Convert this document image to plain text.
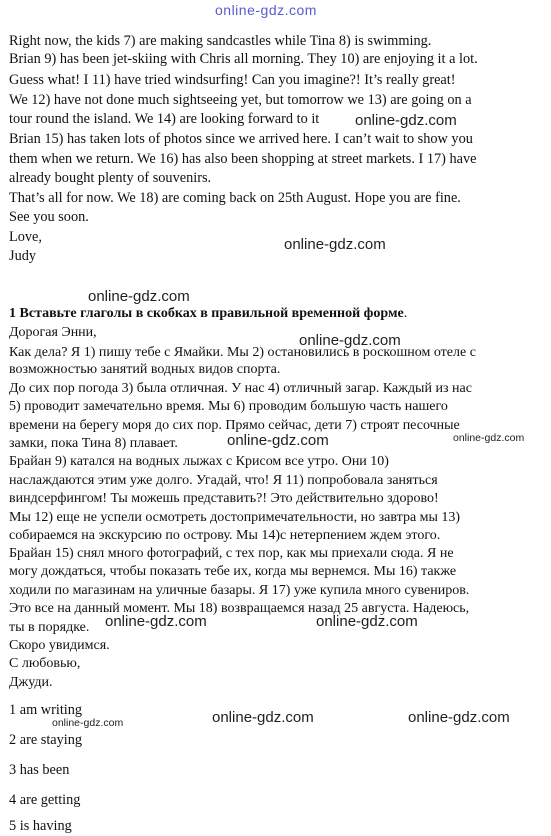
online-gdz.com
Right now, the kids 7) are making sandcastles while Tina 8) is swimming.
Brian 9) has been jet-skiing with Chris all morning. They 10) are enjoying it a lot.
Guess what! I 11) have tried windsurfing! Can you imagine?! It’s really great!
We 12) have not done much sightseeing yet, but tomorrow we 13) are going on a
tour round the island. We 14) are looking forward to it
Brian 15) has taken lots of photos since we arrived here. I can’t wait to show you
them when we return. We 16) has also been shopping at street markets. I 17) have
already bought plenty of souvenirs.
That’s all for now. We 18) are coming back on 25th August. Hope you are fine.
See you soon.
Love,
Judy
1 Вставьте глаголы в скобках в правильной временной форме.
Дорогая Энни,
Как дела? Я 1) пишу тебе с Ямайки. Мы 2) остановились в роскошном отеле с
возможностью занятий водных видов спорта.
До сих пор погода 3) была отличная. У нас 4) отличный загар. Каждый из нас
5) проводит замечательно время. Мы 6) проводим большую часть нашего
времени на берегу моря до сих пор. Прямо сейчас, дети 7) строят песочные
замки, пока Тина 8) плавает.
Брайан 9) катался на водных лыжах с Крисом все утро. Они 10)
наслаждаются этим уже долго. Угадай, что! Я 11) попробовала заняться
виндсерфингом! Ты можешь представить?! Это действительно здорово!
Мы 12) еще не успели осмотреть достопримечательности, но завтра мы 13)
собираемся на экскурсию по острову. Мы 14)с нетерпением ждем этого.
Брайан 15) снял много фотографий, с тех пор, как мы приехали сюда. Я не
могу дождаться, чтобы показать тебе их, когда мы вернемся. Мы 16) также
ходили по магазинам на уличные базары. Я 17) уже купила много сувениров.
Это все на данный момент. Мы 18) возвращаемся назад 25 августа. Надеюсь,
ты в порядке.
Скоро увидимся.
С любовью,
Джуди.
1 am writing
2 are staying
3 has been
4 are getting
5 is having
online-gdz.com
online-gdz.com
online-gdz.com
online-gdz.com
online-gdz.com	online-gdz.com
online-gdz.com	online-gdz.com
online-gdz.com	online-gdz.com
online-gdz.com
